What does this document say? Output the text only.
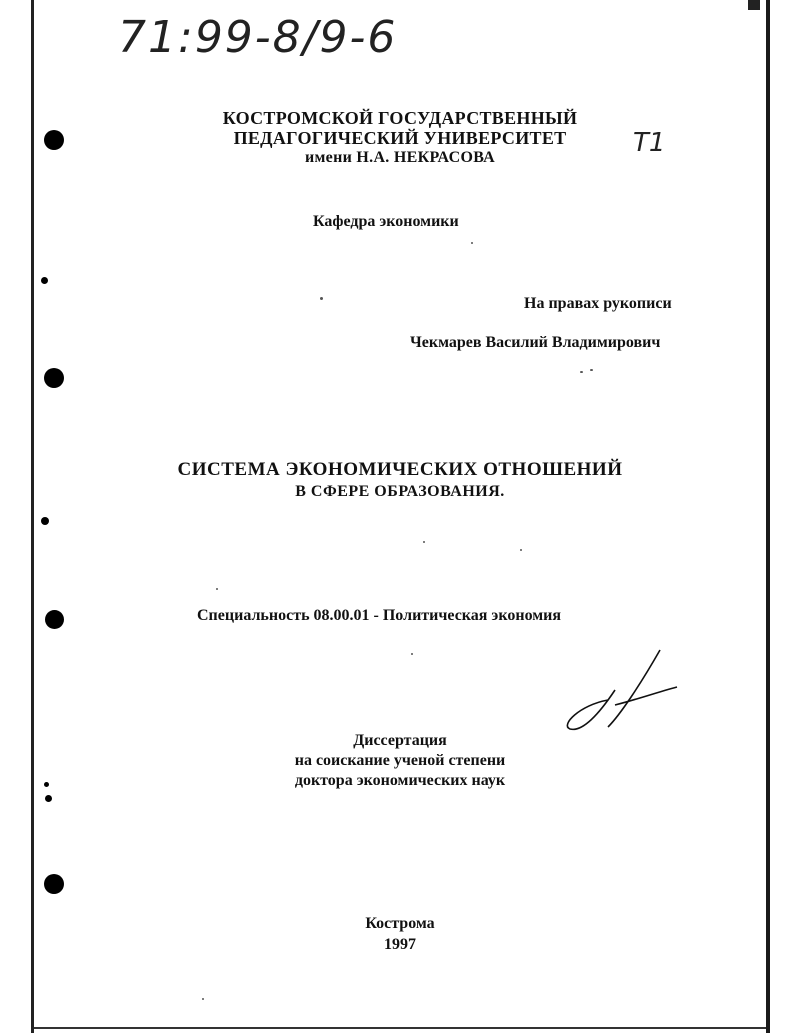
71:99-8/9-6
Т1
КОСТРОМСКОЙ ГОСУДАРСТВЕННЫЙ
ПЕДАГОГИЧЕСКИЙ УНИВЕРСИТЕТ
имени Н.А. НЕКРАСОВА
Кафедра экономики
На правах рукописи
Чекмарев Василий Владимирович
СИСТЕМА ЭКОНОМИЧЕСКИХ ОТНОШЕНИЙ
В СФЕРЕ ОБРАЗОВАНИЯ.
Специальность 08.00.01 - Политическая экономия
Диссертация
на соискание ученой степени
доктора экономических наук
Кострома
1997
